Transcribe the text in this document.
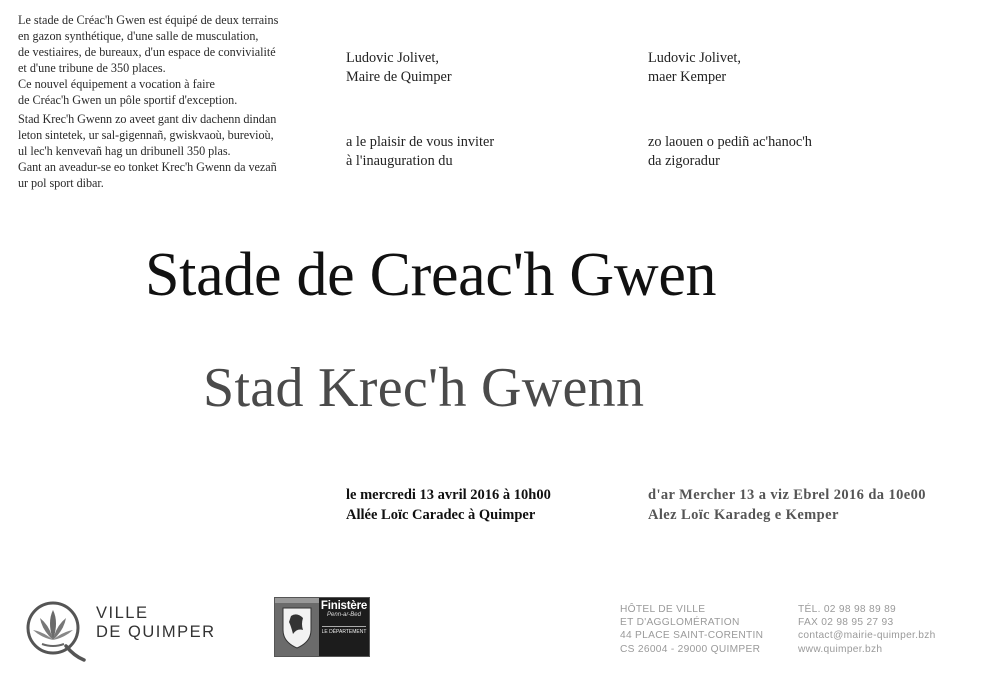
Le stade de Créac'h Gwen est équipé de deux terrains

en gazon synthétique, d'une salle de musculation,

de vestiaires, de bureaux, d'un espace de convivialité

et d'une tribune de 350 places.

Ce nouvel équipement a vocation à faire

de Créac'h Gwen un pôle sportif d'exception.

Stad Krec'h Gwenn zo aveet gant div dachenn dindan

leton sintetek, ur sal-gigennañ, gwiskvaoù, burevioù,

ul lec'h kenvevañ hag un dribunell 350 plas.

Gant an aveadur-se eo tonket Krec'h Gwenn da vezañ

ur pol sport dibar.

Ludovic Jolivet,

Maire de Quimper

a le plaisir de vous inviter

à l'inauguration du

Ludovic Jolivet,

maer Kemper

zo laouen o pediñ ac'hanoc'h

da zigoradur

Stade de Creac'h Gwen
Stad Krec'h Gwenn

le mercredi 13 avril 2016 à 10h00

Allée Loïc Caradec à Quimper

d'ar Mercher 13 a viz Ebrel 2016 da 10e00

Alez Loïc Karadeg e Kemper

VILLE

DE QUIMPER

Finistère
Penn-ar-Bed
LE DÉPARTEMENT

HÔTEL DE VILLE

ET D'AGGLOMÉRATION

44 PLACE SAINT-CORENTIN

CS 26004 - 29000 QUIMPER

TÉL. 02 98 98 89 89

FAX 02 98 95 27 93

contact@mairie-quimper.bzh

www.quimper.bzh
